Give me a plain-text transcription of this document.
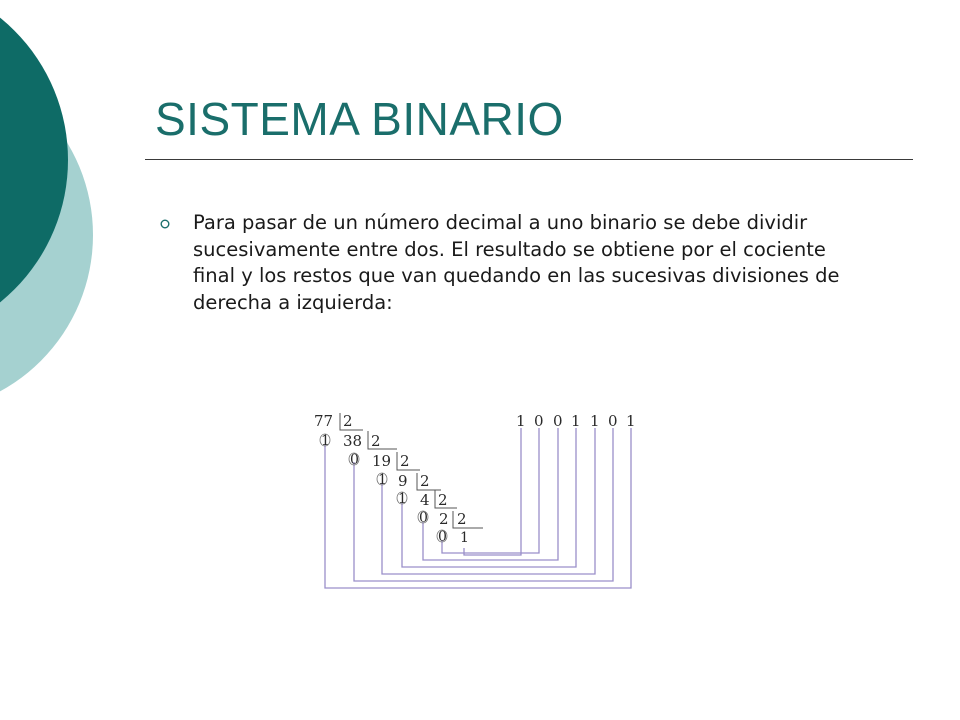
SISTEMA BINARIO

Para pasar de un número decimal a uno binario se debe dividir sucesivamente entre dos. El resultado se obtiene por el cociente final y los restos que van quedando en las sucesivas divisiones de derecha a izquierda:

77
38
19
9
4
2
2
2
2
2
2
2
1
0
1
1
0
0 1
1 0 0 1 1 0 1
